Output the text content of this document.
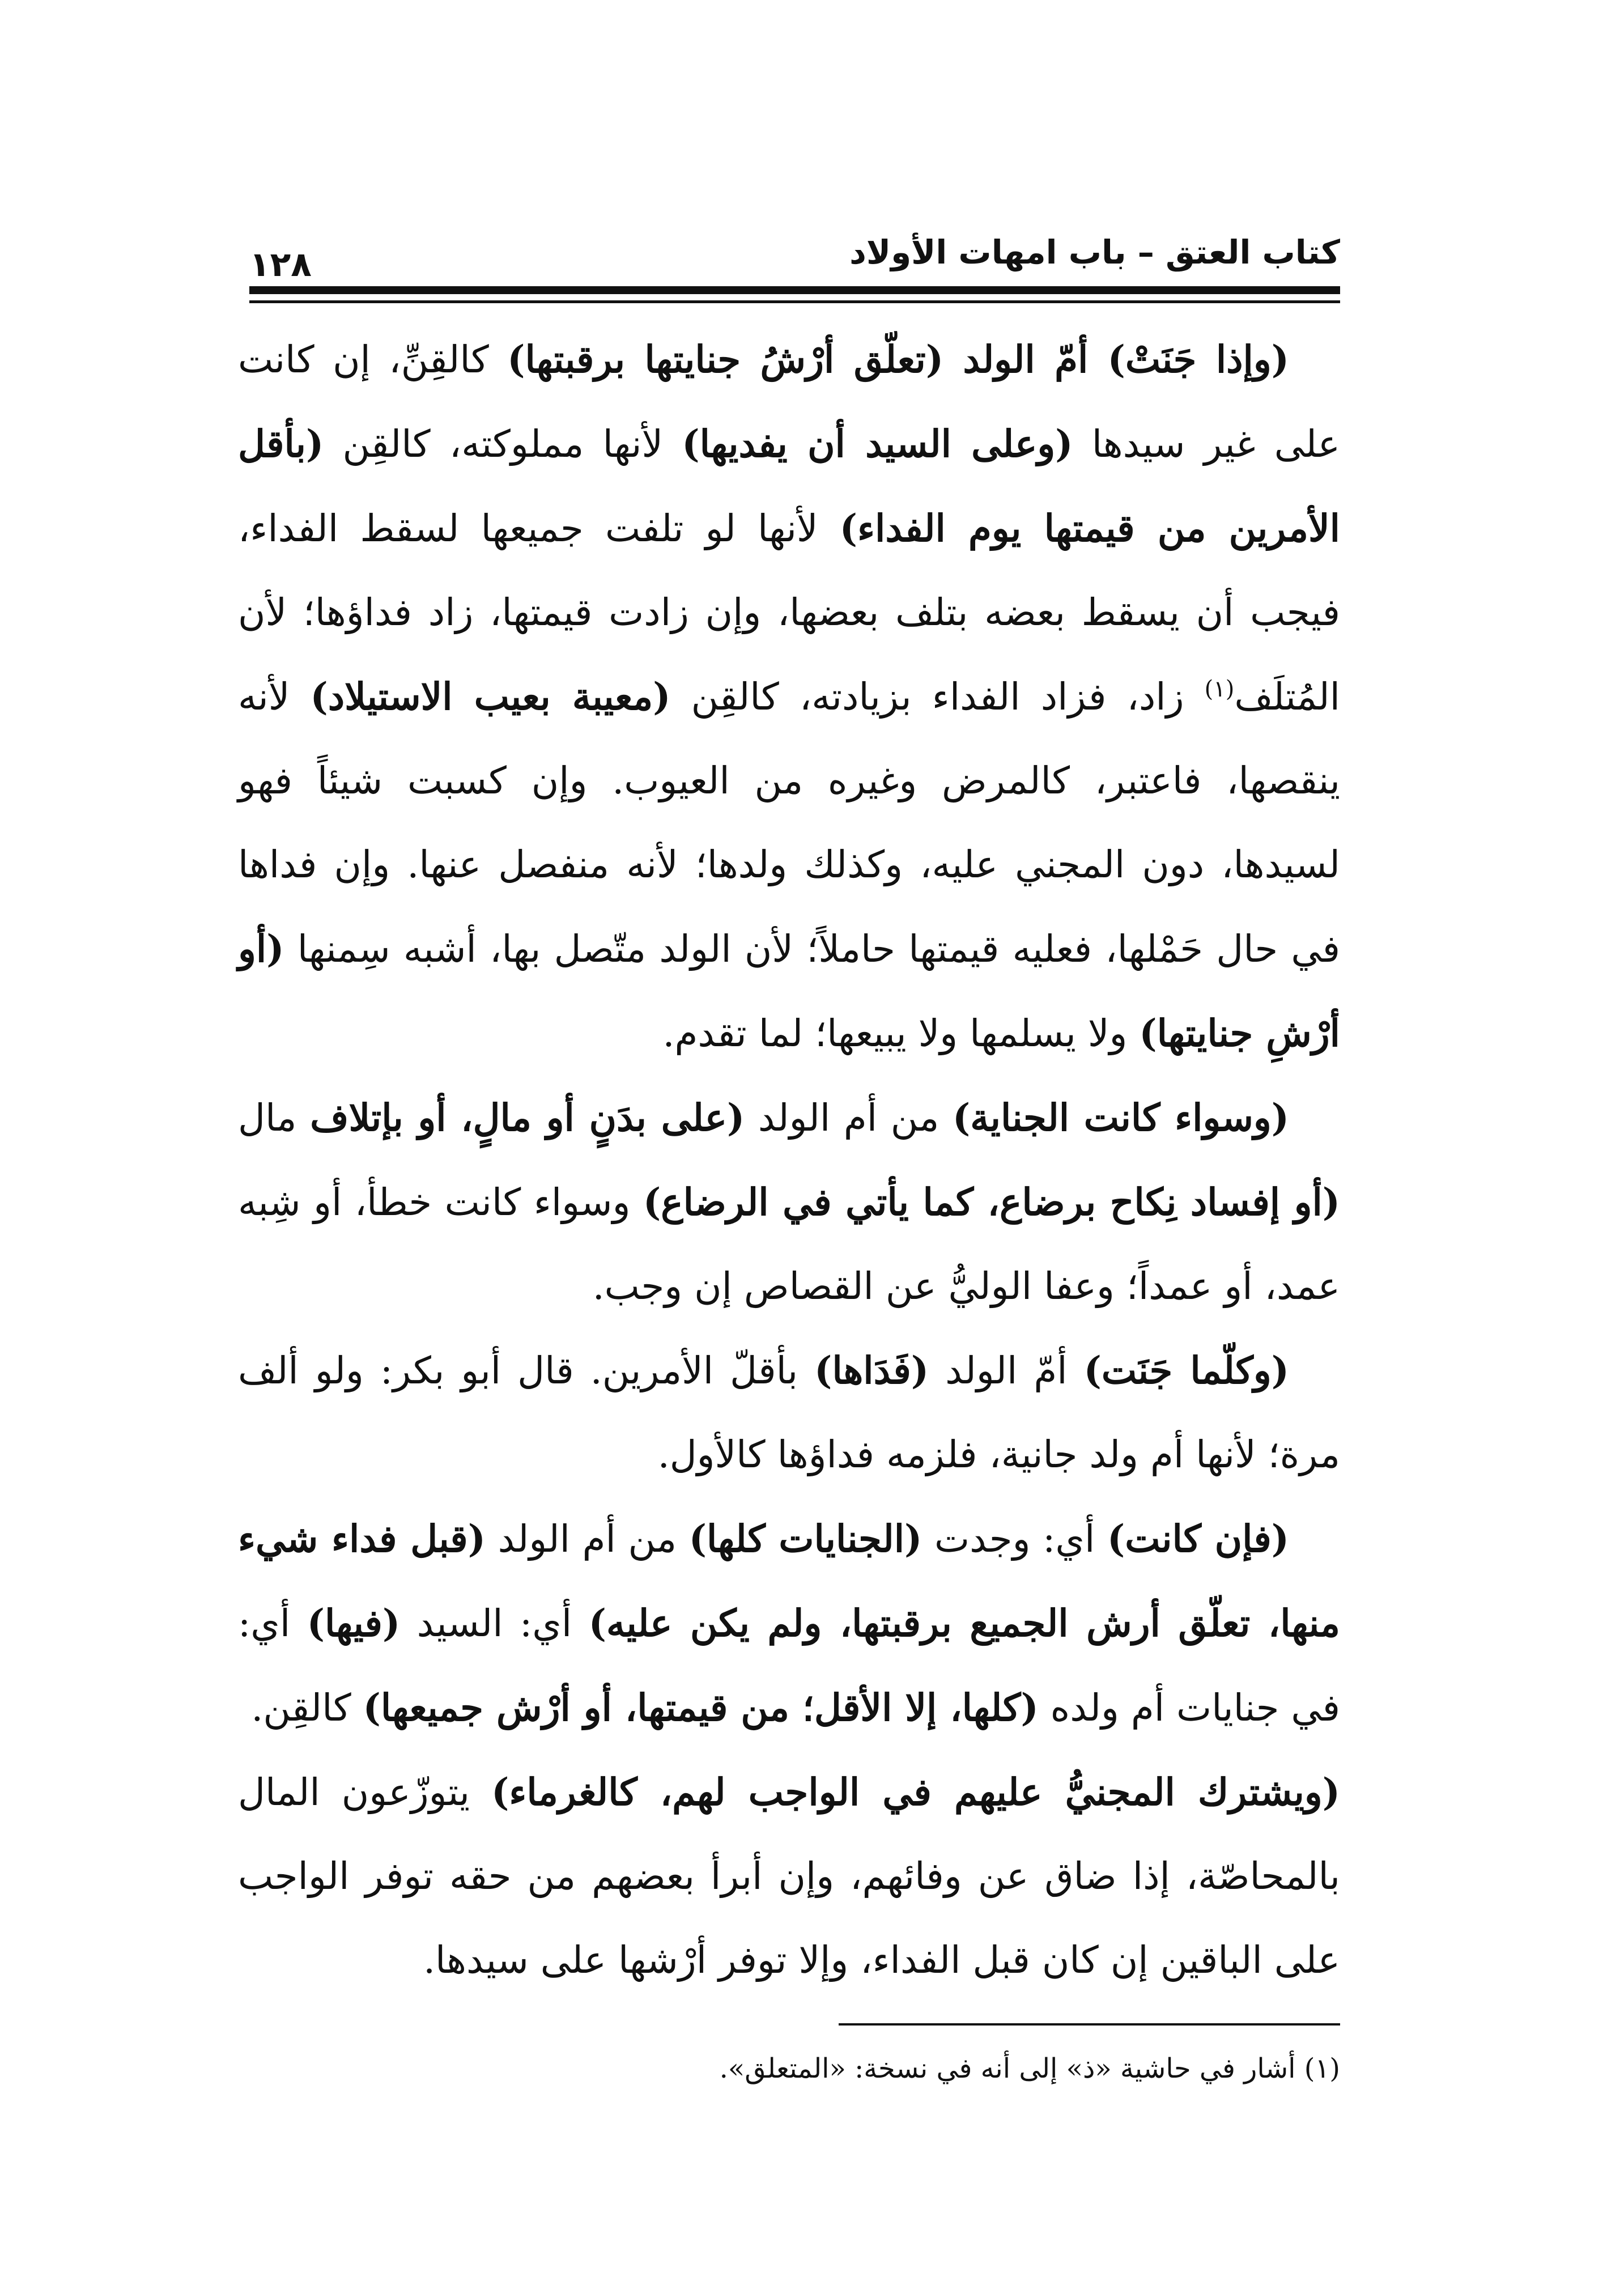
كتاب العتق – باب امهات الأولاد
١٢٨

(وإذا جَنَتْ) أمّ الولد (تعلّق أرْشُ جنايتها برقبتها) كالقِنِّ، إن كانت على غير سيدها (وعلى السيد أن يفديها) لأنها مملوكته، كالقِن (بأقل الأمرين من قيمتها يوم الفداء) لأنها لو تلفت جميعها لسقط الفداء، فيجب أن يسقط بعضه بتلف بعضها، وإن زادت قيمتها، زاد فداؤها؛ لأن المُتلَف$^{(١)}$ زاد، فزاد الفداء بزيادته، كالقِن (معيبة بعيب الاستيلاد) لأنه ينقصها، فاعتبر، كالمرض وغيره من العيوب. وإن كسبت شيئاً فهو لسيدها، دون المجني عليه، وكذلك ولدها؛ لأنه منفصل عنها. وإن فداها في حال حَمْلها، فعليه قيمتها حاملاً؛ لأن الولد متّصل بها، أشبه سِمنها (أو أرْشِ جنايتها) ولا يسلمها ولا يبيعها؛ لما تقدم.

(وسواء كانت الجناية) من أم الولد (على بدَنٍ أو مالٍ، أو بإتلاف مال (أو إفساد نِكاح برضاع، كما يأتي في الرضاع) وسواء كانت خطأ، أو شِبه عمد، أو عمداً؛ وعفا الوليُّ عن القصاص إن وجب.

(وكلّما جَنَت) أمّ الولد (فَدَاها) بأقلّ الأمرين. قال أبو بكر: ولو ألف مرة؛ لأنها أم ولد جانية، فلزمه فداؤها كالأول.

(فإن كانت) أي: وجدت (الجنايات كلها) من أم الولد (قبل فداء شيء منها، تعلّق أرش الجميع برقبتها، ولم يكن عليه) أي: السيد (فيها) أي: في جنايات أم ولده (كلها، إلا الأقل؛ من قيمتها، أو أرْش جميعها) كالقِن.

(ويشترك المجنيُّ عليهم في الواجب لهم، كالغرماء) يتوزّعون المال بالمحاصّة، إذا ضاق عن وفائهم، وإن أبرأ بعضهم من حقه توفر الواجب على الباقين إن كان قبل الفداء، وإلا توفر أرْشها على سيدها.

(١) أشار في حاشية «ذ» إلى أنه في نسخة: «المتعلق».
